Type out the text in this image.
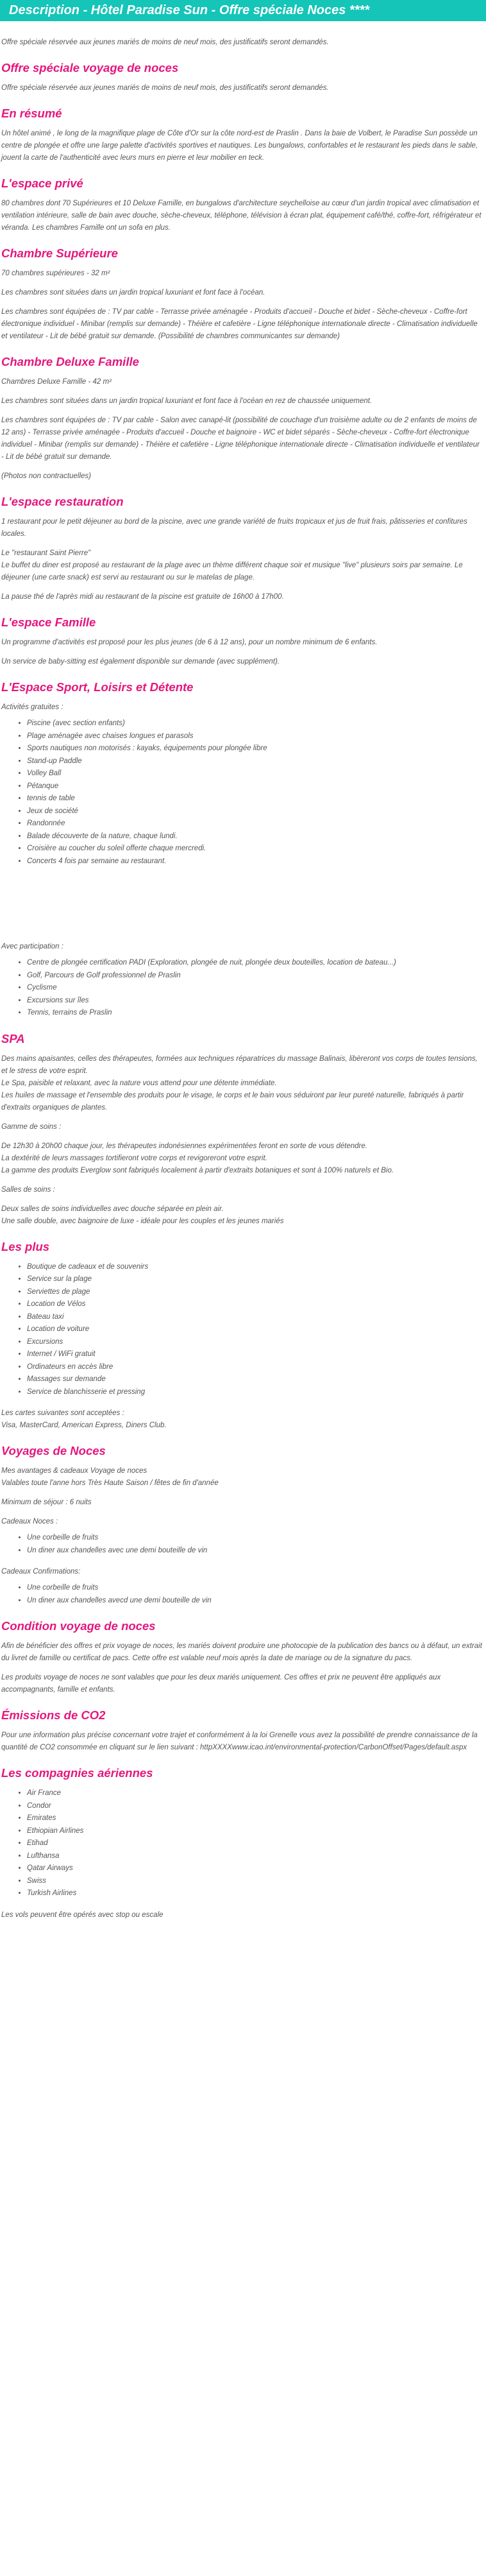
Description - Hôtel Paradise Sun - Offre spéciale Noces ****

Offre spéciale réservée aux jeunes mariés de moins de neuf mois, des justificatifs seront demandés.

Offre spéciale voyage de noces

Offre spéciale réservée aux jeunes mariés de moins de neuf mois, des justificatifs seront demandés.

En résumé

Un hôtel animé , le long de la magnifique plage de Côte d'Or sur la côte nord-est de Praslin . Dans la baie de Volbert, le Paradise Sun possède un centre de plongée et offre une large palette d'activités sportives et nautiques. Les bungalows, confortables et le restaurant les pieds dans le sable, jouent la carte de l'authenticité avec leurs murs en pierre et leur mobilier en teck.

L'espace privé

80 chambres dont 70 Supérieures et 10 Deluxe Famille, en bungalows d'architecture seychelloise au cœur d'un jardin tropical avec climatisation et ventilation intérieure, salle de bain avec douche, sèche-cheveux, téléphone, télévision à écran plat, équipement café/thé, coffre-fort, réfrigérateur et véranda. Les chambres Famille ont un sofa en plus.

Chambre Supérieure

70 chambres supérieures - 32 m²

Les chambres sont situées dans un jardin tropical luxuriant et font face à l'océan.

Les chambres sont équipées de : TV par cable - Terrasse privée aménagée - Produits d'accueil - Douche et bidet - Sèche-cheveux - Coffre-fort électronique individuel - Minibar (remplis sur demande) - Théière et cafetière - Ligne téléphonique internationale directe - Climatisation individuelle et ventilateur - Lit de bébé gratuit sur demande. (Possibilité de chambres communicantes sur demande)

Chambre Deluxe Famille

Chambres Deluxe Famille - 42 m²

Les chambres sont situées dans un jardin tropical luxuriant et font face à l'océan en rez de chaussée uniquement.

Les chambres sont équipées de : TV par cable - Salon avec canapé-lit (possibilité de couchage d'un troisième adulte ou de 2 enfants de moins de 12 ans) - Terrasse privée aménagée - Produits d'accueil - Douche et baignoire - WC et bidet séparés - Sèche-cheveux - Coffre-fort électronique individuel - Minibar (remplis sur demande) - Théière et cafetière - Ligne téléphonique internationale directe - Climatisation individuelle et ventilateur - Lit de bébé gratuit sur demande.

(Photos non contractuelles)

L'espace restauration

1 restaurant pour le petit déjeuner au bord de la piscine, avec une grande variété de fruits tropicaux et jus de fruit frais, pâtisseries et confitures locales.

Le "restaurant Saint Pierre"
Le buffet du diner est proposé au restaurant de la plage avec un thème différent chaque soir et musique "live" plusieurs soirs par semaine. Le déjeuner (une carte snack) est servi au restaurant ou sur le matelas de plage.

La pause thé de l'après midi au restaurant de la piscine est gratuite de 16h00 à 17h00.

L'espace Famille

Un programme d'activités est proposé pour les plus jeunes (de 6 à 12 ans), pour un nombre minimum de 6 enfants.

Un service de baby-sitting est également disponible sur demande (avec supplément).

L'Espace Sport, Loisirs et Détente

Activités gratuites :

• Piscine (avec section enfants)
• Plage aménagée avec chaises longues et parasols
• Sports nautiques non motorisés : kayaks, équipements pour plongée libre
• Stand-up Paddle
• Volley Ball
• Pétanque
• tennis de table
• Jeux de société
• Randonnée
• Balade découverte de la nature, chaque lundi.
• Croisière au coucher du soleil offerte chaque mercredi.
• Concerts 4 fois par semaine au restaurant.

Avec participation :

• Centre de plongée certification PADI (Exploration, plongée de nuit, plongée deux bouteilles, location de bateau...)
• Golf, Parcours de Golf professionnel de Praslin
• Cyclisme
• Excursions sur îles
• Tennis, terrains de Praslin
SPA

Des mains apaisantes, celles des thérapeutes, formées aux techniques réparatrices du massage Balinais, libèreront vos corps de toutes tensions, et le stress de votre esprit.
Le Spa, paisible et relaxant, avec la nature vous attend pour une détente immédiate.
Les huiles de massage et l'ensemble des produits pour le visage, le corps et le bain vous séduiront par leur pureté naturelle, fabriqués à partir d'extraits organiques de plantes.

Gamme de soins :

De 12h30 à 20h00 chaque jour, les thérapeutes indonésiennes expérimentées feront en sorte de vous détendre.
La dextérité de leurs massages tortifieront votre corps et revigoreront votre esprit.
La gamme des produits Everglow sont fabriqués localement à partir d'extraits botaniques et sont à 100% naturels et Bio.

Salles de soins :

Deux salles de soins individuelles avec douche séparée en plein air.
Une salle double, avec baignoire de luxe - idéale pour les couples et les jeunes mariés

Les plus
• Boutique de cadeaux et de souvenirs
• Service sur la plage
• Serviettes de plage
• Location de Vélos
• Bateau taxi
• Location de voiture
• Excursions
• Internet / WiFi gratuit
• Ordinateurs en accès libre
• Massages sur demande
• Service de blanchisserie et pressing

Les cartes suivantes sont acceptées :
Visa, MasterCard, American Express, Diners Club.

Voyages de Noces

Mes avantages & cadeaux Voyage de noces
Valables toute l'anne hors Très Haute Saison / fêtes de fin d'année

Minimum de séjour : 6 nuits

Cadeaux Noces :

• Une corbeille de fruits
• Un diner aux chandelles avec une demi bouteille de vin

Cadeaux Confirmations:

• Une corbeille de fruits
• Un diner aux chandelles avecd une demi bouteille de vin
Condition voyage de noces

Afin de bénéficier des offres et prix voyage de noces, les mariés doivent produire une photocopie de la publication des bancs ou à défaut, un extrait du livret de famille ou certificat de pacs. Cette offre est valable neuf mois après la date de mariage ou de la signature du pacs.

Les produits voyage de noces ne sont valables que pour les deux mariés uniquement. Ces offres et prix ne peuvent être appliqués aux accompagnants, famille et enfants.

Émissions de CO2

Pour une information plus précise concernant votre trajet et conformément à la loi Grenelle vous avez la possibilité de prendre connaissance de la quantité de CO2 consommée en cliquant sur le lien suivant : httpXXXXwww.icao.int/environmental-protection/CarbonOffset/Pages/default.aspx

Les compagnies aériennes
• Air France
• Condor
• Emirates
• Ethiopian Airlines
• Etihad
• Lufthansa
• Qatar Airways
• Swiss
• Turkish Airlines

Les vols peuvent être opérés avec stop ou escale
